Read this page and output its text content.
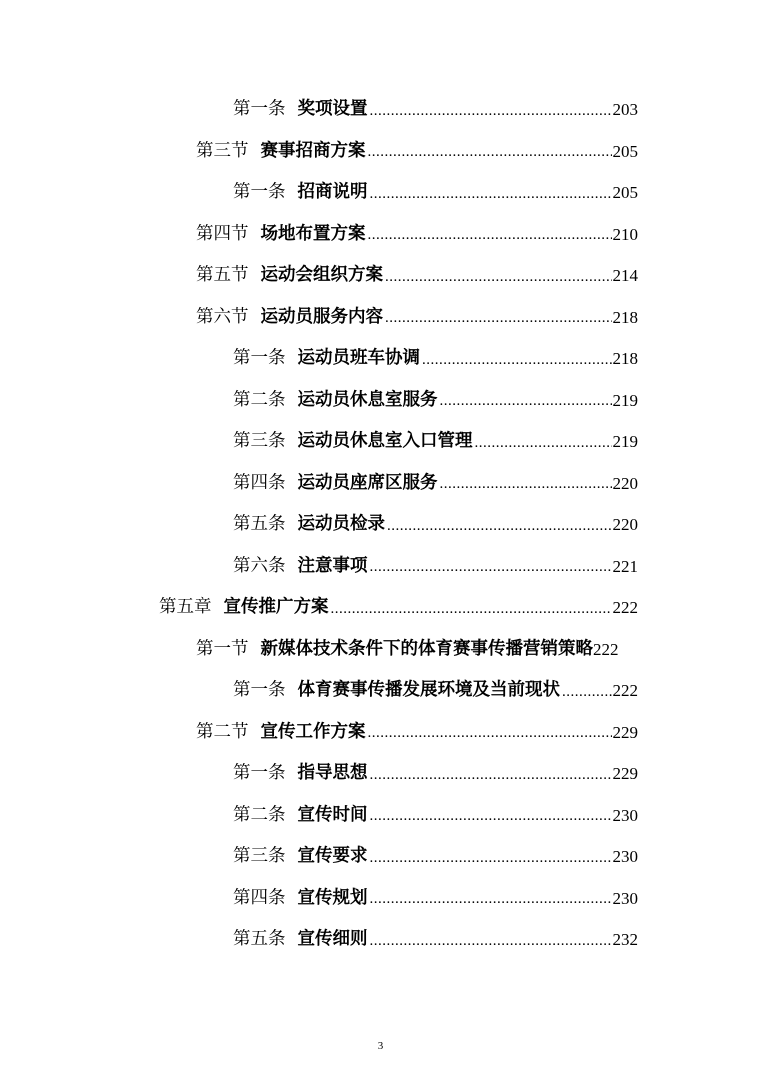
第一条 奖项设置 .....	203
第三节 赛事招商方案 .....	205
第一条 招商说明 .....	205
第四节 场地布置方案 .....	210
第五节 运动会组织方案 .....	214
第六节 运动员服务内容 .....	218
第一条 运动员班车协调 .....	218
第二条 运动员休息室服务 .....	219
第三条 运动员休息室入口管理 .....	219
第四条 运动员座席区服务 .....	220
第五条 运动员检录 .....	220
第六条 注意事项 .....	221
第五章 宣传推广方案 .....	222
第一节 新媒体技术条件下的体育赛事传播营销策略 222
第一条 体育赛事传播发展环境及当前现状 .....	222
第二节 宣传工作方案 .....	229
第一条 指导思想 .....	229
第二条 宣传时间 .....	230
第三条 宣传要求 .....	230
第四条 宣传规划 .....	230
第五条 宣传细则 .....	232
3
